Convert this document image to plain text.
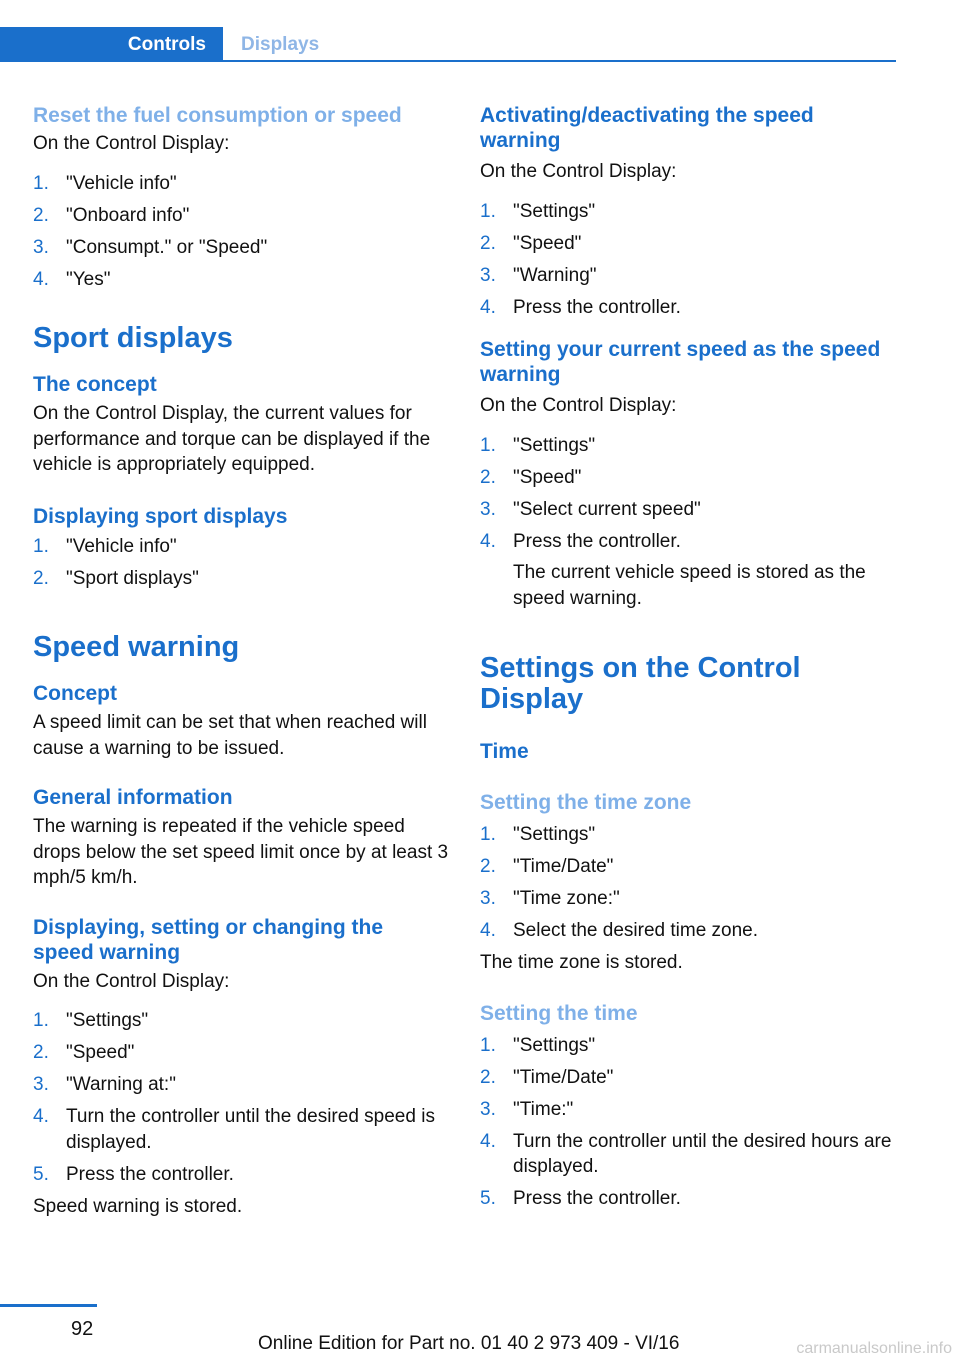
Controls Displays
Reset the fuel consumption or speed

On the Control Display:

1. "Vehicle info"
2. "Onboard info"
3. "Consumpt." or "Speed"
4. "Yes"
Sport displays
The concept

On the Control Display, the current values for performance and torque can be displayed if the vehicle is appropriately equipped.

Displaying sport displays
1. "Vehicle info"
2. "Sport displays"
Speed warning
Concept

A speed limit can be set that when reached will cause a warning to be issued.

General information

The warning is repeated if the vehicle speed drops below the set speed limit once by at least 3 mph/5 km/h.

Displaying, setting or changing the speed warning

On the Control Display:

1. "Settings"
2. "Speed"
3. "Warning at:"
4. Turn the controller until the desired speed is displayed.
5. Press the controller.

Speed warning is stored.

Activating/deactivating the speed warning

On the Control Display:

1. "Settings"
2. "Speed"
3. "Warning"
4. Press the controller.
Setting your current speed as the speed warning

On the Control Display:

1. "Settings"
2. "Speed"
3. "Select current speed"
4. Press the controller.
The current vehicle speed is stored as the speed warning.
Settings on the Control Display
Time
Setting the time zone
1. "Settings"
2. "Time/Date"
3. "Time zone:"
4. Select the desired time zone.

The time zone is stored.

Setting the time
1. "Settings"
2. "Time/Date"
3. "Time:"
4. Turn the controller until the desired hours are displayed.
5. Press the controller.
92
Online Edition for Part no. 01 40 2 973 409 - VI/16	carmanualsonline.info
